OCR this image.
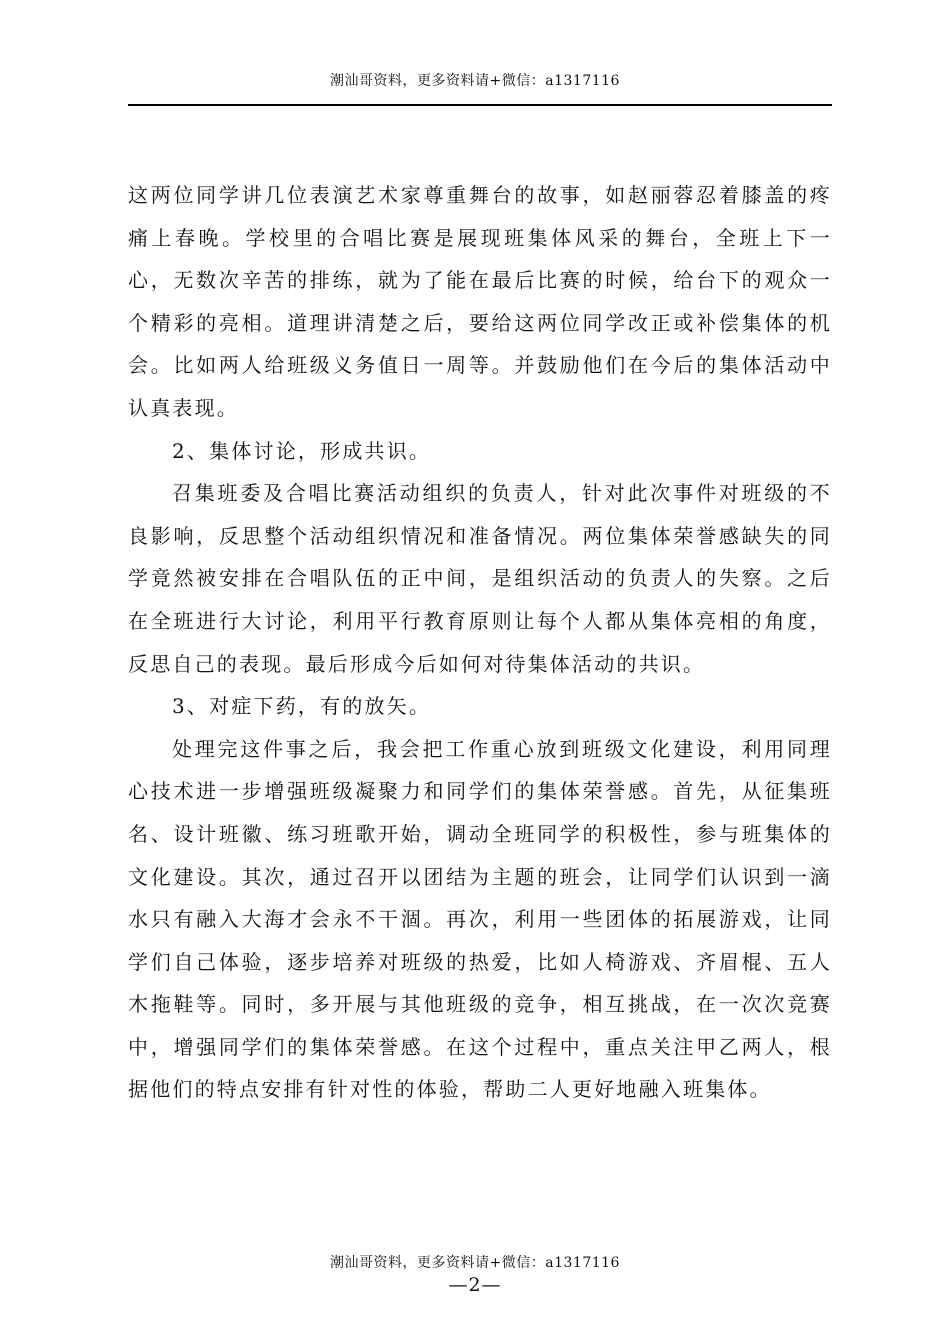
潮汕哥资料，更多资料请+微信：a1317116

这两位同学讲几位表演艺术家尊重舞台的故事，如赵丽蓉忍着膝盖的疼痛上春晚。学校里的合唱比赛是展现班集体风采的舞台，全班上下一心，无数次辛苦的排练，就为了能在最后比赛的时候，给台下的观众一个精彩的亮相。道理讲清楚之后，要给这两位同学改正或补偿集体的机会。比如两人给班级义务值日一周等。并鼓励他们在今后的集体活动中认真表现。

2、集体讨论，形成共识。

召集班委及合唱比赛活动组织的负责人，针对此次事件对班级的不良影响，反思整个活动组织情况和准备情况。两位集体荣誉感缺失的同学竟然被安排在合唱队伍的正中间，是组织活动的负责人的失察。之后在全班进行大讨论，利用平行教育原则让每个人都从集体亮相的角度，反思自己的表现。最后形成今后如何对待集体活动的共识。

3、对症下药，有的放矢。

处理完这件事之后，我会把工作重心放到班级文化建设，利用同理心技术进一步增强班级凝聚力和同学们的集体荣誉感。首先，从征集班名、设计班徽、练习班歌开始，调动全班同学的积极性，参与班集体的文化建设。其次，通过召开以团结为主题的班会，让同学们认识到一滴水只有融入大海才会永不干涸。再次，利用一些团体的拓展游戏，让同学们自己体验，逐步培养对班级的热爱，比如人椅游戏、齐眉棍、五人木拖鞋等。同时，多开展与其他班级的竞争，相互挑战，在一次次竞赛中，增强同学们的集体荣誉感。在这个过程中，重点关注甲乙两人，根据他们的特点安排有针对性的体验，帮助二人更好地融入班集体。

潮汕哥资料，更多资料请+微信：a1317116
—2—
